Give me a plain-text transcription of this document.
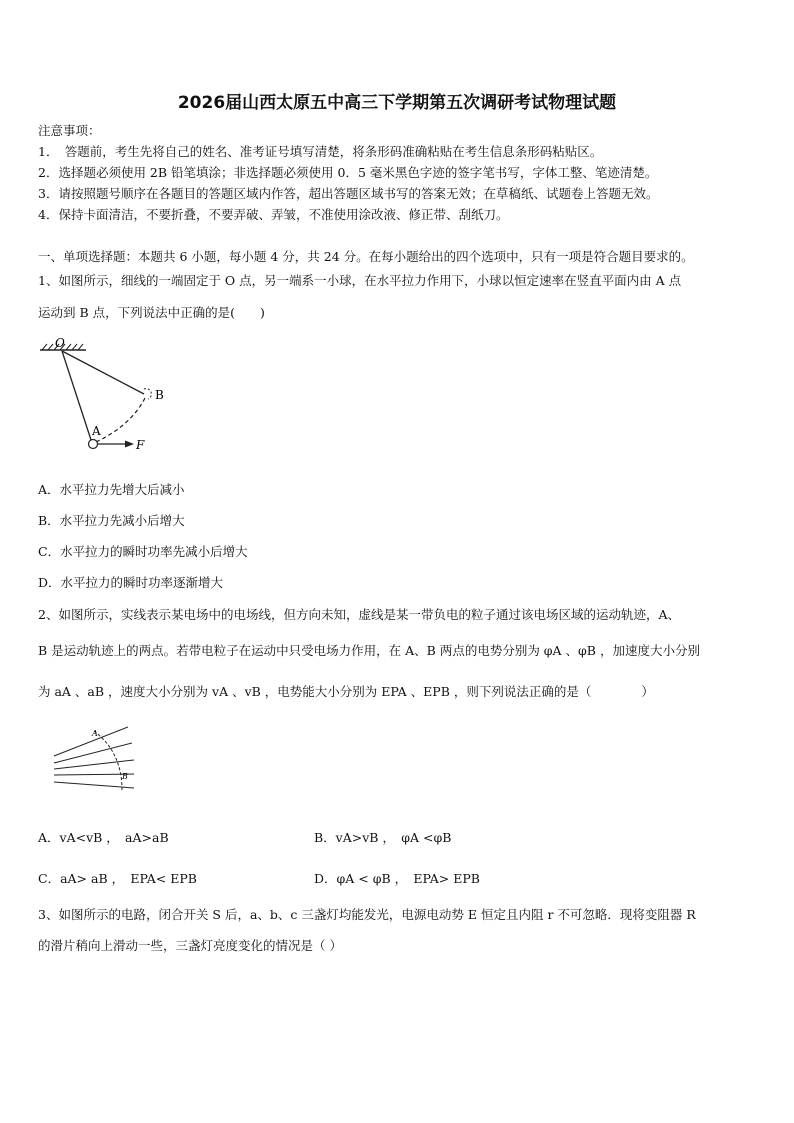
2026届山西太原五中高三下学期第五次调研考试物理试题
注意事项：
1．　答题前，考生先将自己的姓名、准考证号填写清楚，将条形码准确粘贴在考生信息条形码粘贴区。
2．选择题必须使用 2B 铅笔填涂；非选择题必须使用 0．5 毫米黑色字迹的签字笔书写，字体工整、笔迹清楚。
3．请按照题号顺序在各题目的答题区域内作答，超出答题区域书写的答案无效；在草稿纸、试题卷上答题无效。
4．保持卡面清洁，不要折叠，不要弄破、弄皱，不准使用涂改液、修正带、刮纸刀。
一、单项选择题：本题共 6 小题，每小题 4 分，共 24 分。在每小题给出的四个选项中，只有一项是符合题目要求的。
1、如图所示，细线的一端固定于 O 点，另一端系一小球，在水平拉力作用下，小球以恒定速率在竖直平面内由 A 点
运动到 B 点，下列说法中正确的是(　　)
O
A
B
F
A．水平拉力先增大后减小
B．水平拉力先减小后增大
C．水平拉力的瞬时功率先减小后增大
D．水平拉力的瞬时功率逐渐增大
2、如图所示，实线表示某电场中的电场线，但方向未知，虚线是某一带负电的粒子通过该电场区域的运动轨迹，A、
B 是运动轨迹上的两点。若带电粒子在运动中只受电场力作用，在 A、B 两点的电势分别为 φA 、φB ，加速度大小分别
为 aA 、aB ，速度大小分别为 vA 、vB ，电势能大小分别为 EPA 、EPB ，则下列说法正确的是（　　　　）
A
B
A．vA<vB ，　aA>aB	B．vA>vB ，　φA <φB
C．aA> aB ，　EPA< EPB	D．φA < φB ，　EPA> EPB
3、如图所示的电路，闭合开关 S 后，a、b、c 三盏灯均能发光，电源电动势 E 恒定且内阻 r 不可忽略．现将变阻器 R
的滑片稍向上滑动一些，三盏灯亮度变化的情况是（ ）
